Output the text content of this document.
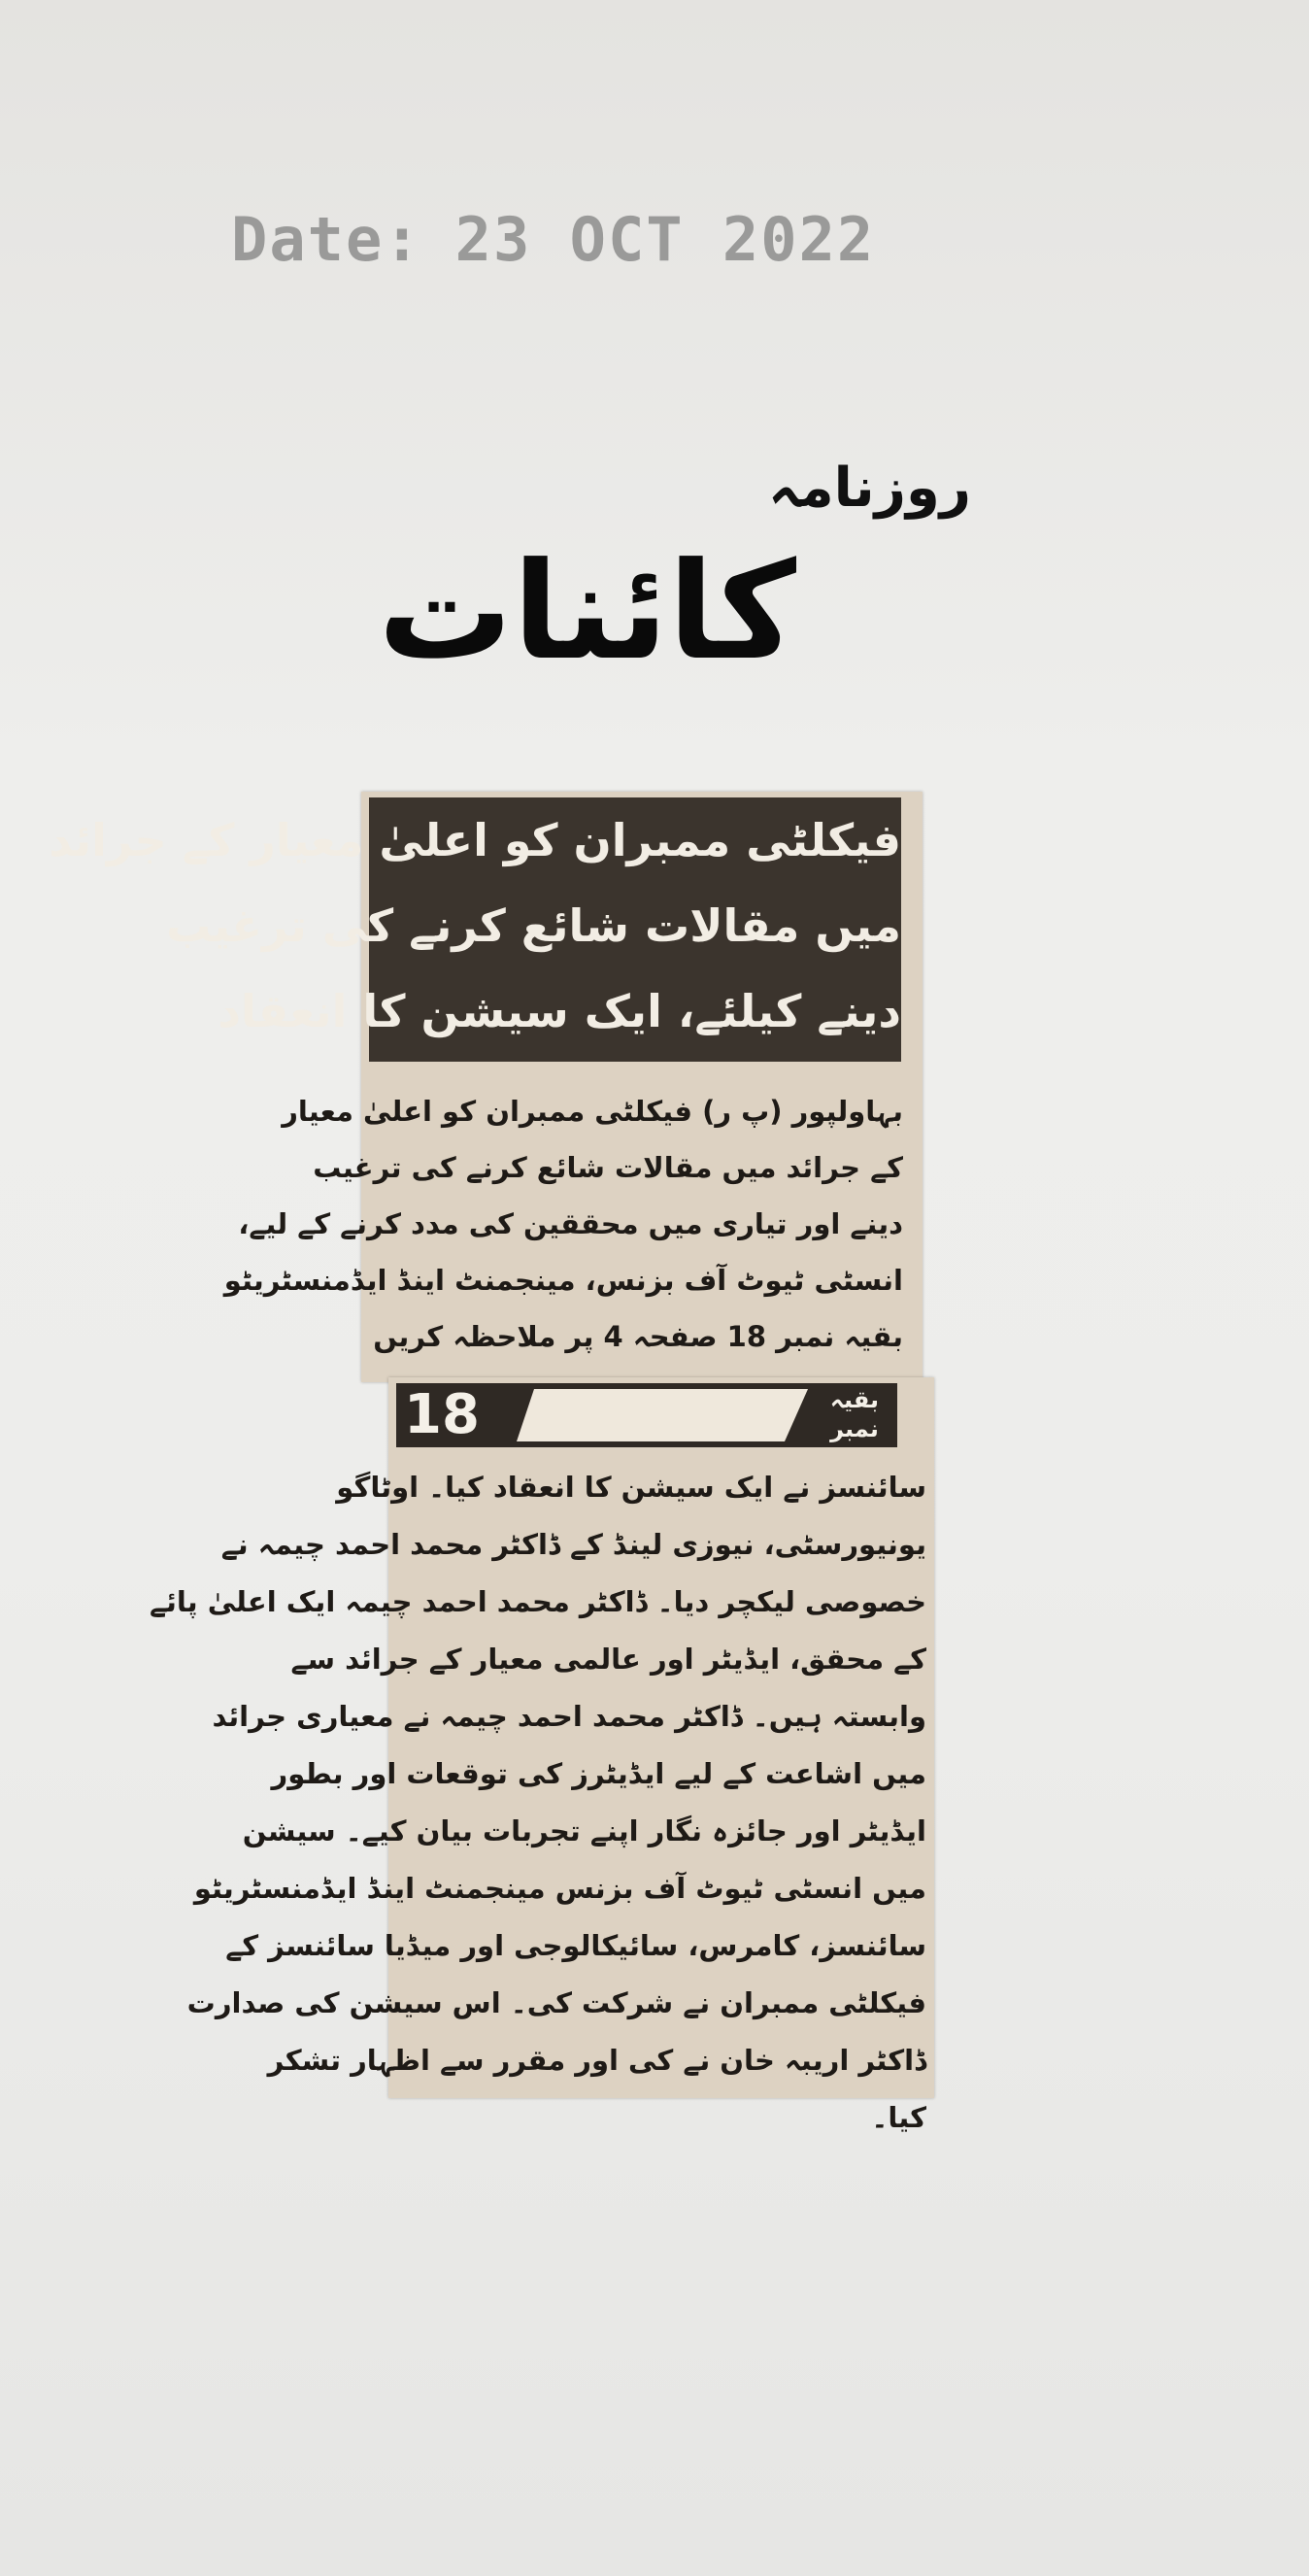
Date: 23 OCT 2022
روزنامہ
کائنات
فیکلٹی ممبران کو اعلیٰ معیار کے جرائد
میں مقالات شائع کرنے کی ترغیب
دینے کیلئے، ایک سیشن کا انعقاد
بہاولپور (پ ر) فیکلٹی ممبران کو اعلیٰ معیار
کے جرائد میں مقالات شائع کرنے کی ترغیب
دینے اور تیاری میں محققین کی مدد کرنے کے لیے،
انسٹی ٹیوٹ آف بزنس، مینجمنٹ اینڈ ایڈمنسٹریٹو
بقیہ نمبر 18 صفحہ 4 پر ملاحظہ کریں
18	بقیہ نمبر
سائنسز نے ایک سیشن کا انعقاد کیا۔ اوٹاگو
یونیورسٹی، نیوزی لینڈ کے ڈاکٹر محمد احمد چیمہ نے
خصوصی لیکچر دیا۔ ڈاکٹر محمد احمد چیمہ ایک اعلیٰ پائے
کے محقق، ایڈیٹر اور عالمی معیار کے جرائد سے
وابستہ ہیں۔ ڈاکٹر محمد احمد چیمہ نے معیاری جرائد
میں اشاعت کے لیے ایڈیٹرز کی توقعات اور بطور
ایڈیٹر اور جائزہ نگار اپنے تجربات بیان کیے۔ سیشن
میں انسٹی ٹیوٹ آف بزنس مینجمنٹ اینڈ ایڈمنسٹریٹو
سائنسز، کامرس، سائیکالوجی اور میڈیا سائنسز کے
فیکلٹی ممبران نے شرکت کی۔ اس سیشن کی صدارت
ڈاکٹر اریبہ خان نے کی اور مقرر سے اظہار تشکر
کیا۔
